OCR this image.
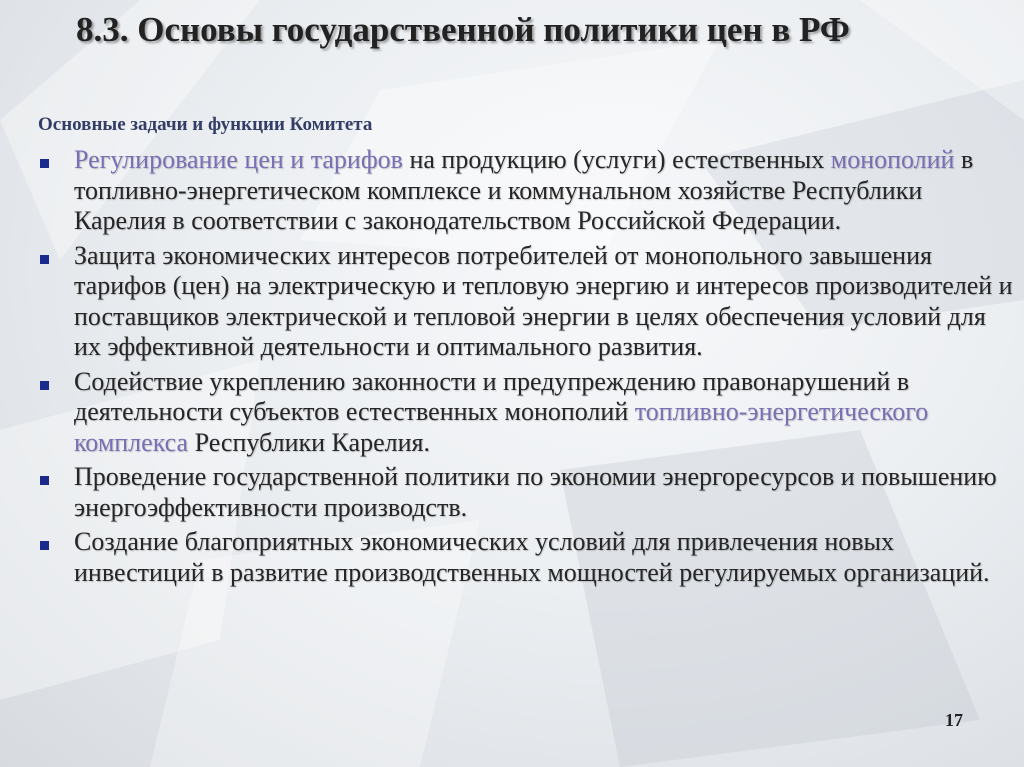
8.3. Основы государственной политики цен в РФ
Основные задачи и функции Комитета
Регулирование цен и тарифов на продукцию (услуги) естественных монополий в топливно-энергетическом комплексе и коммунальном хозяйстве Республики Карелия в соответствии с законодательством Российской Федерации.
Защита экономических интересов потребителей от монопольного завышения тарифов (цен) на электрическую и тепловую энергию и интересов производителей и поставщиков электрической и тепловой энергии в целях обеспечения условий для их эффективной деятельности и оптимального развития.
Содействие укреплению законности и предупреждению правонарушений в деятельности субъектов естественных монополий топливно-энергетического комплекса Республики Карелия.
Проведение государственной политики по экономии энергоресурсов и повышению энергоэффективности производств.
Создание благоприятных экономических условий для привлечения новых инвестиций в развитие производственных мощностей регулируемых организаций.
17
